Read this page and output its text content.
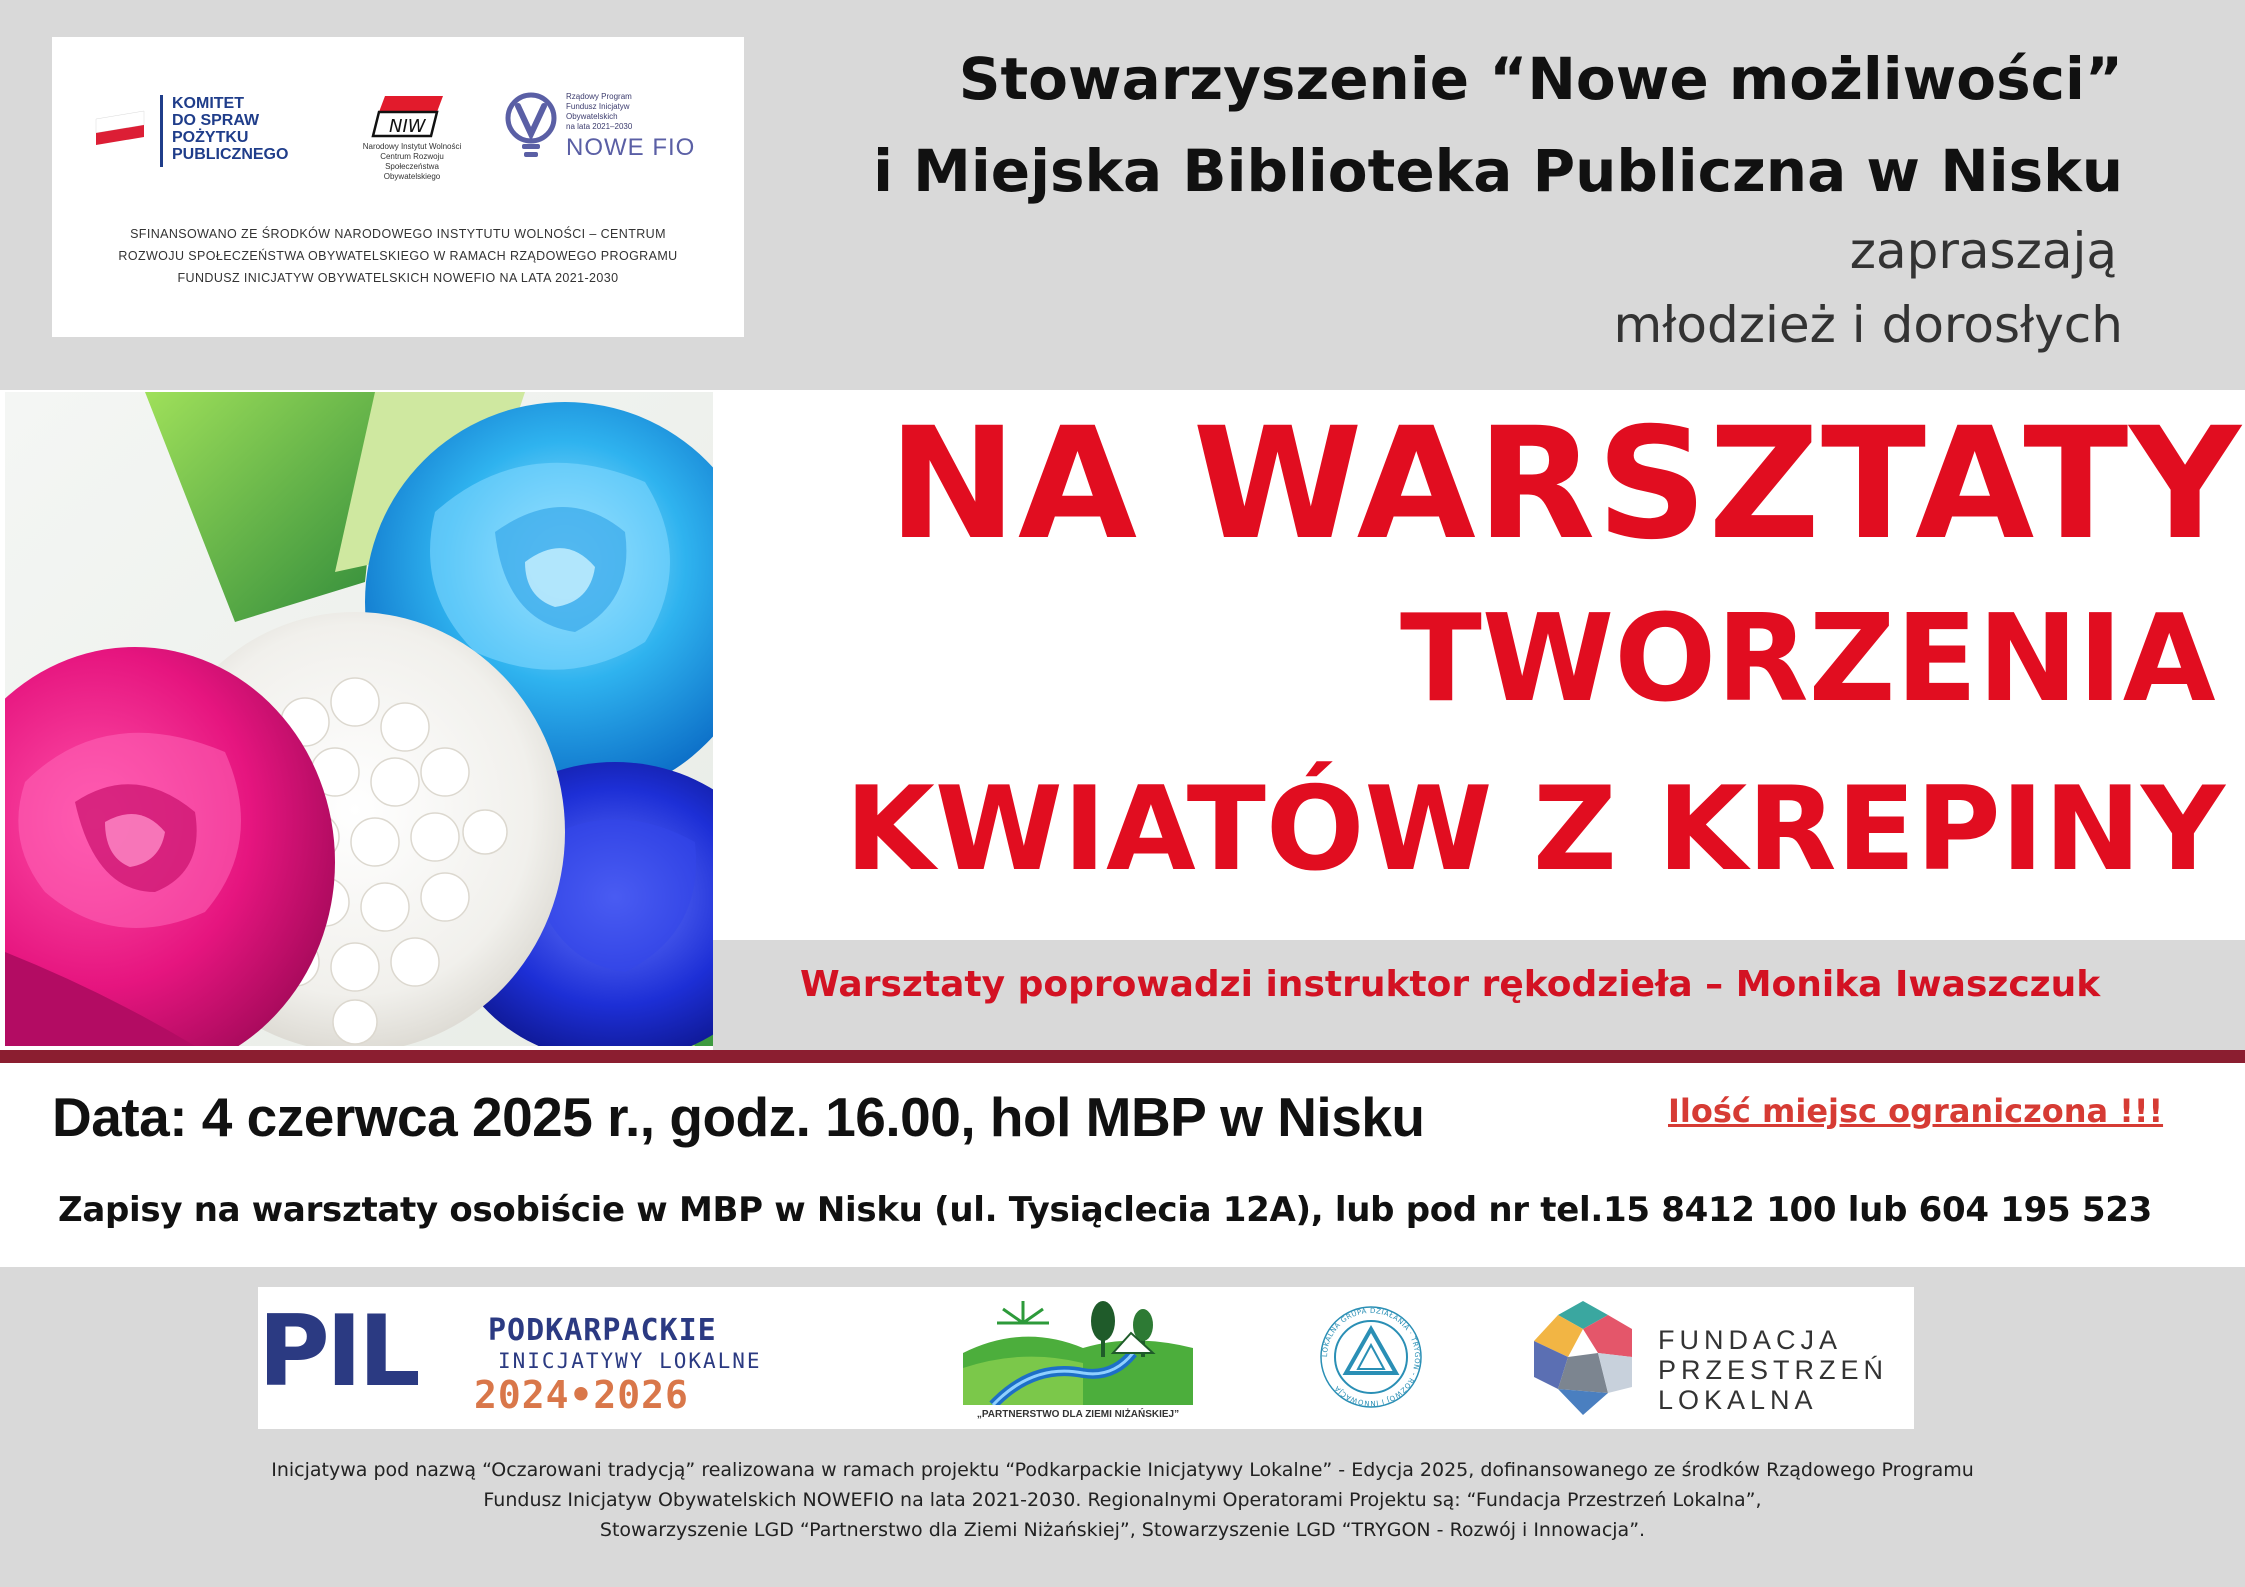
KOMITET
DO SPRAW
POŻYTKU
PUBLICZNEGO
NIW
Narodowy Instytut Wolności
Centrum Rozwoju Społeczeństwa Obywatelskiego
Rządowy Program
Fundusz Inicjatyw
Obywatelskich
na lata 2021–2030
NOWE FIO
SFINANSOWANO ZE ŚRODKÓW NARODOWEGO INSTYTUTU WOLNOŚCI – CENTRUM
ROZWOJU SPOŁECZEŃSTWA OBYWATELSKIEGO W RAMACH RZĄDOWEGO PROGRAMU
FUNDUSZ INICJATYW OBYWATELSKICH NOWEFIO NA LATA 2021-2030
Stowarzyszenie “Nowe możliwości”
i Miejska Biblioteka Publiczna w Nisku
zapraszają
młodzież i dorosłych
NA WARSZTATY
TWORZENIA
KWIATÓW Z KREPINY
Warsztaty poprowadzi instruktor rękodzieła – Monika Iwaszczuk
Data: 4 czerwca 2025 r., godz. 16.00, hol MBP w Nisku	Ilość miejsc ograniczona !!!
Zapisy na warsztaty osobiście w MBP w Nisku (ul. Tysiąclecia 12A), lub pod nr tel.15 8412 100 lub 604 195 523
PIL PODKARPACKIE
INICJATYWY LOKALNE
2024•2026	„PARTNERSTWO DLA ZIEMI NIŻAŃSKIEJ”
LOKALNA GRUPA DZIAŁANIA · TRYGON - ROZWÓJ I INNOWACJA
FUNDACJA
PRZESTRZEŃ
LOKALNA
Inicjatywa pod nazwą “Oczarowani tradycją” realizowana w ramach projektu “Podkarpackie Inicjatywy Lokalne” - Edycja 2025, dofinansowanego ze środków Rządowego Programu
Fundusz Inicjatyw Obywatelskich NOWEFIO na lata 2021-2030. Regionalnymi Operatorami Projektu są: “Fundacja Przestrzeń Lokalna”,
Stowarzyszenie LGD “Partnerstwo dla Ziemi Niżańskiej”, Stowarzyszenie LGD “TRYGON - Rozwój i Innowacja”.
